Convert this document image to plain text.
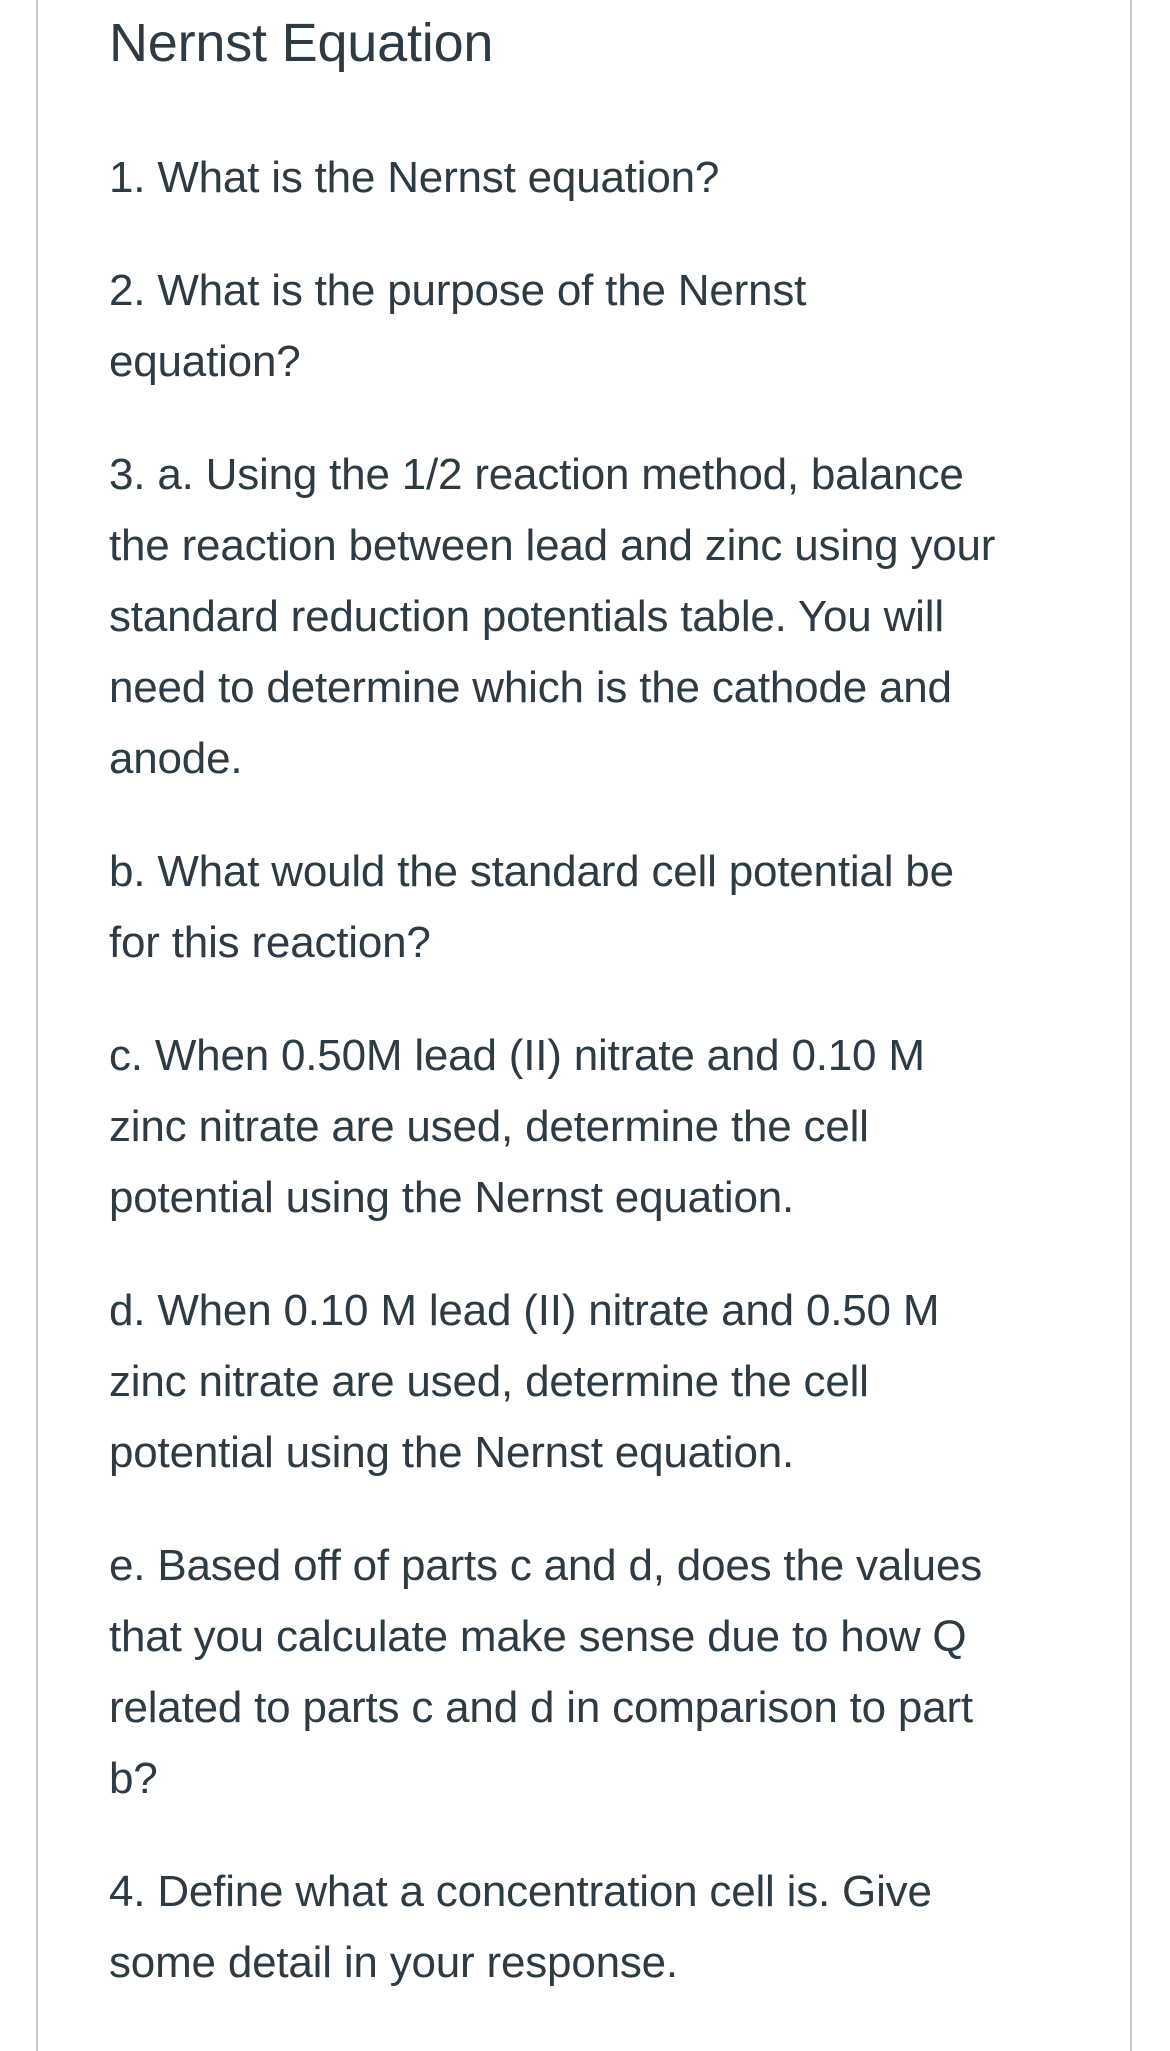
Nernst Equation

1. What is the Nernst equation?

2. What is the purpose of the Nernst
equation?

3. a. Using the 1/2 reaction method, balance
the reaction between lead and zinc using your
standard reduction potentials table. You will
need to determine which is the cathode and
anode.

b. What would the standard cell potential be
for this reaction?

c. When 0.50M lead (II) nitrate and 0.10 M
zinc nitrate are used, determine the cell
potential using the Nernst equation.

d. When 0.10 M lead (II) nitrate and 0.50 M
zinc nitrate are used, determine the cell
potential using the Nernst equation.

e. Based off of parts c and d, does the values
that you calculate make sense due to how Q
related to parts c and d in comparison to part
b?

4. Define what a concentration cell is. Give
some detail in your response.
